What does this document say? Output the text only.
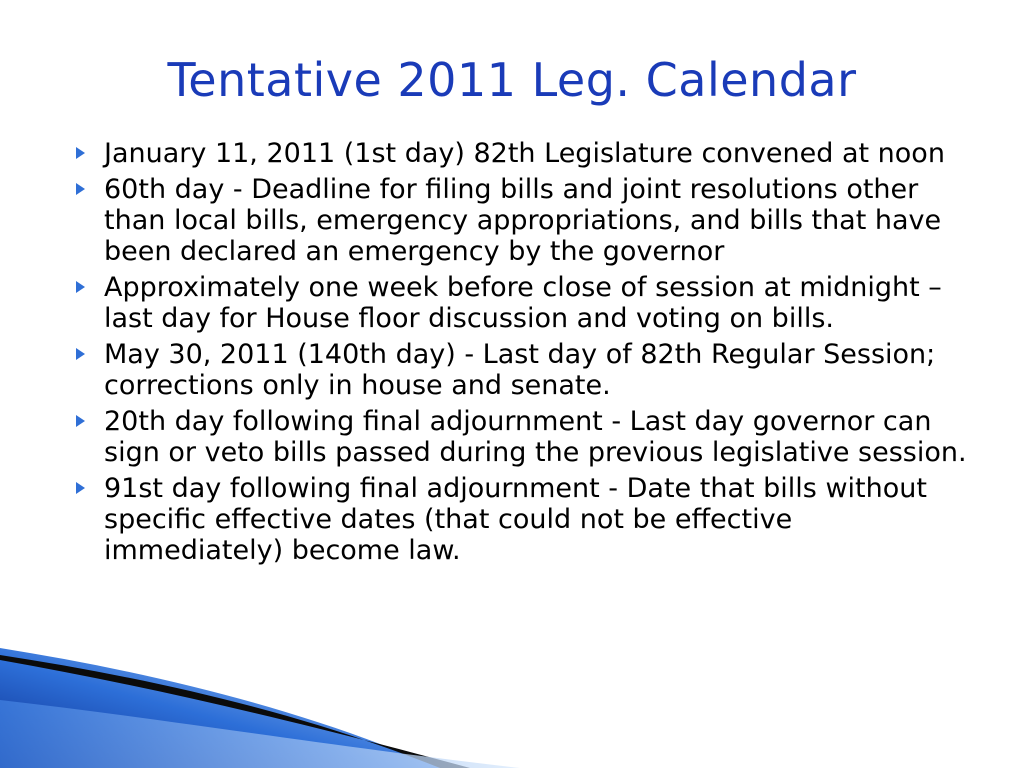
Tentative 2011 Leg. Calendar
January 11, 2011 (1st day) 82th Legislature convened at noon
60th day - Deadline for filing bills and joint resolutions other than local bills, emergency appropriations, and bills that have been declared an emergency by the governor
Approximately one week before close of session at midnight – last day for House floor discussion and voting on bills.
May 30, 2011 (140th day) - Last day of 82th Regular Session; corrections only in house and senate.
20th day following final adjournment - Last day governor can sign or veto bills passed during the previous legislative session.
91st day following final adjournment - Date that bills without specific effective dates (that could not be effective immediately) become law.
